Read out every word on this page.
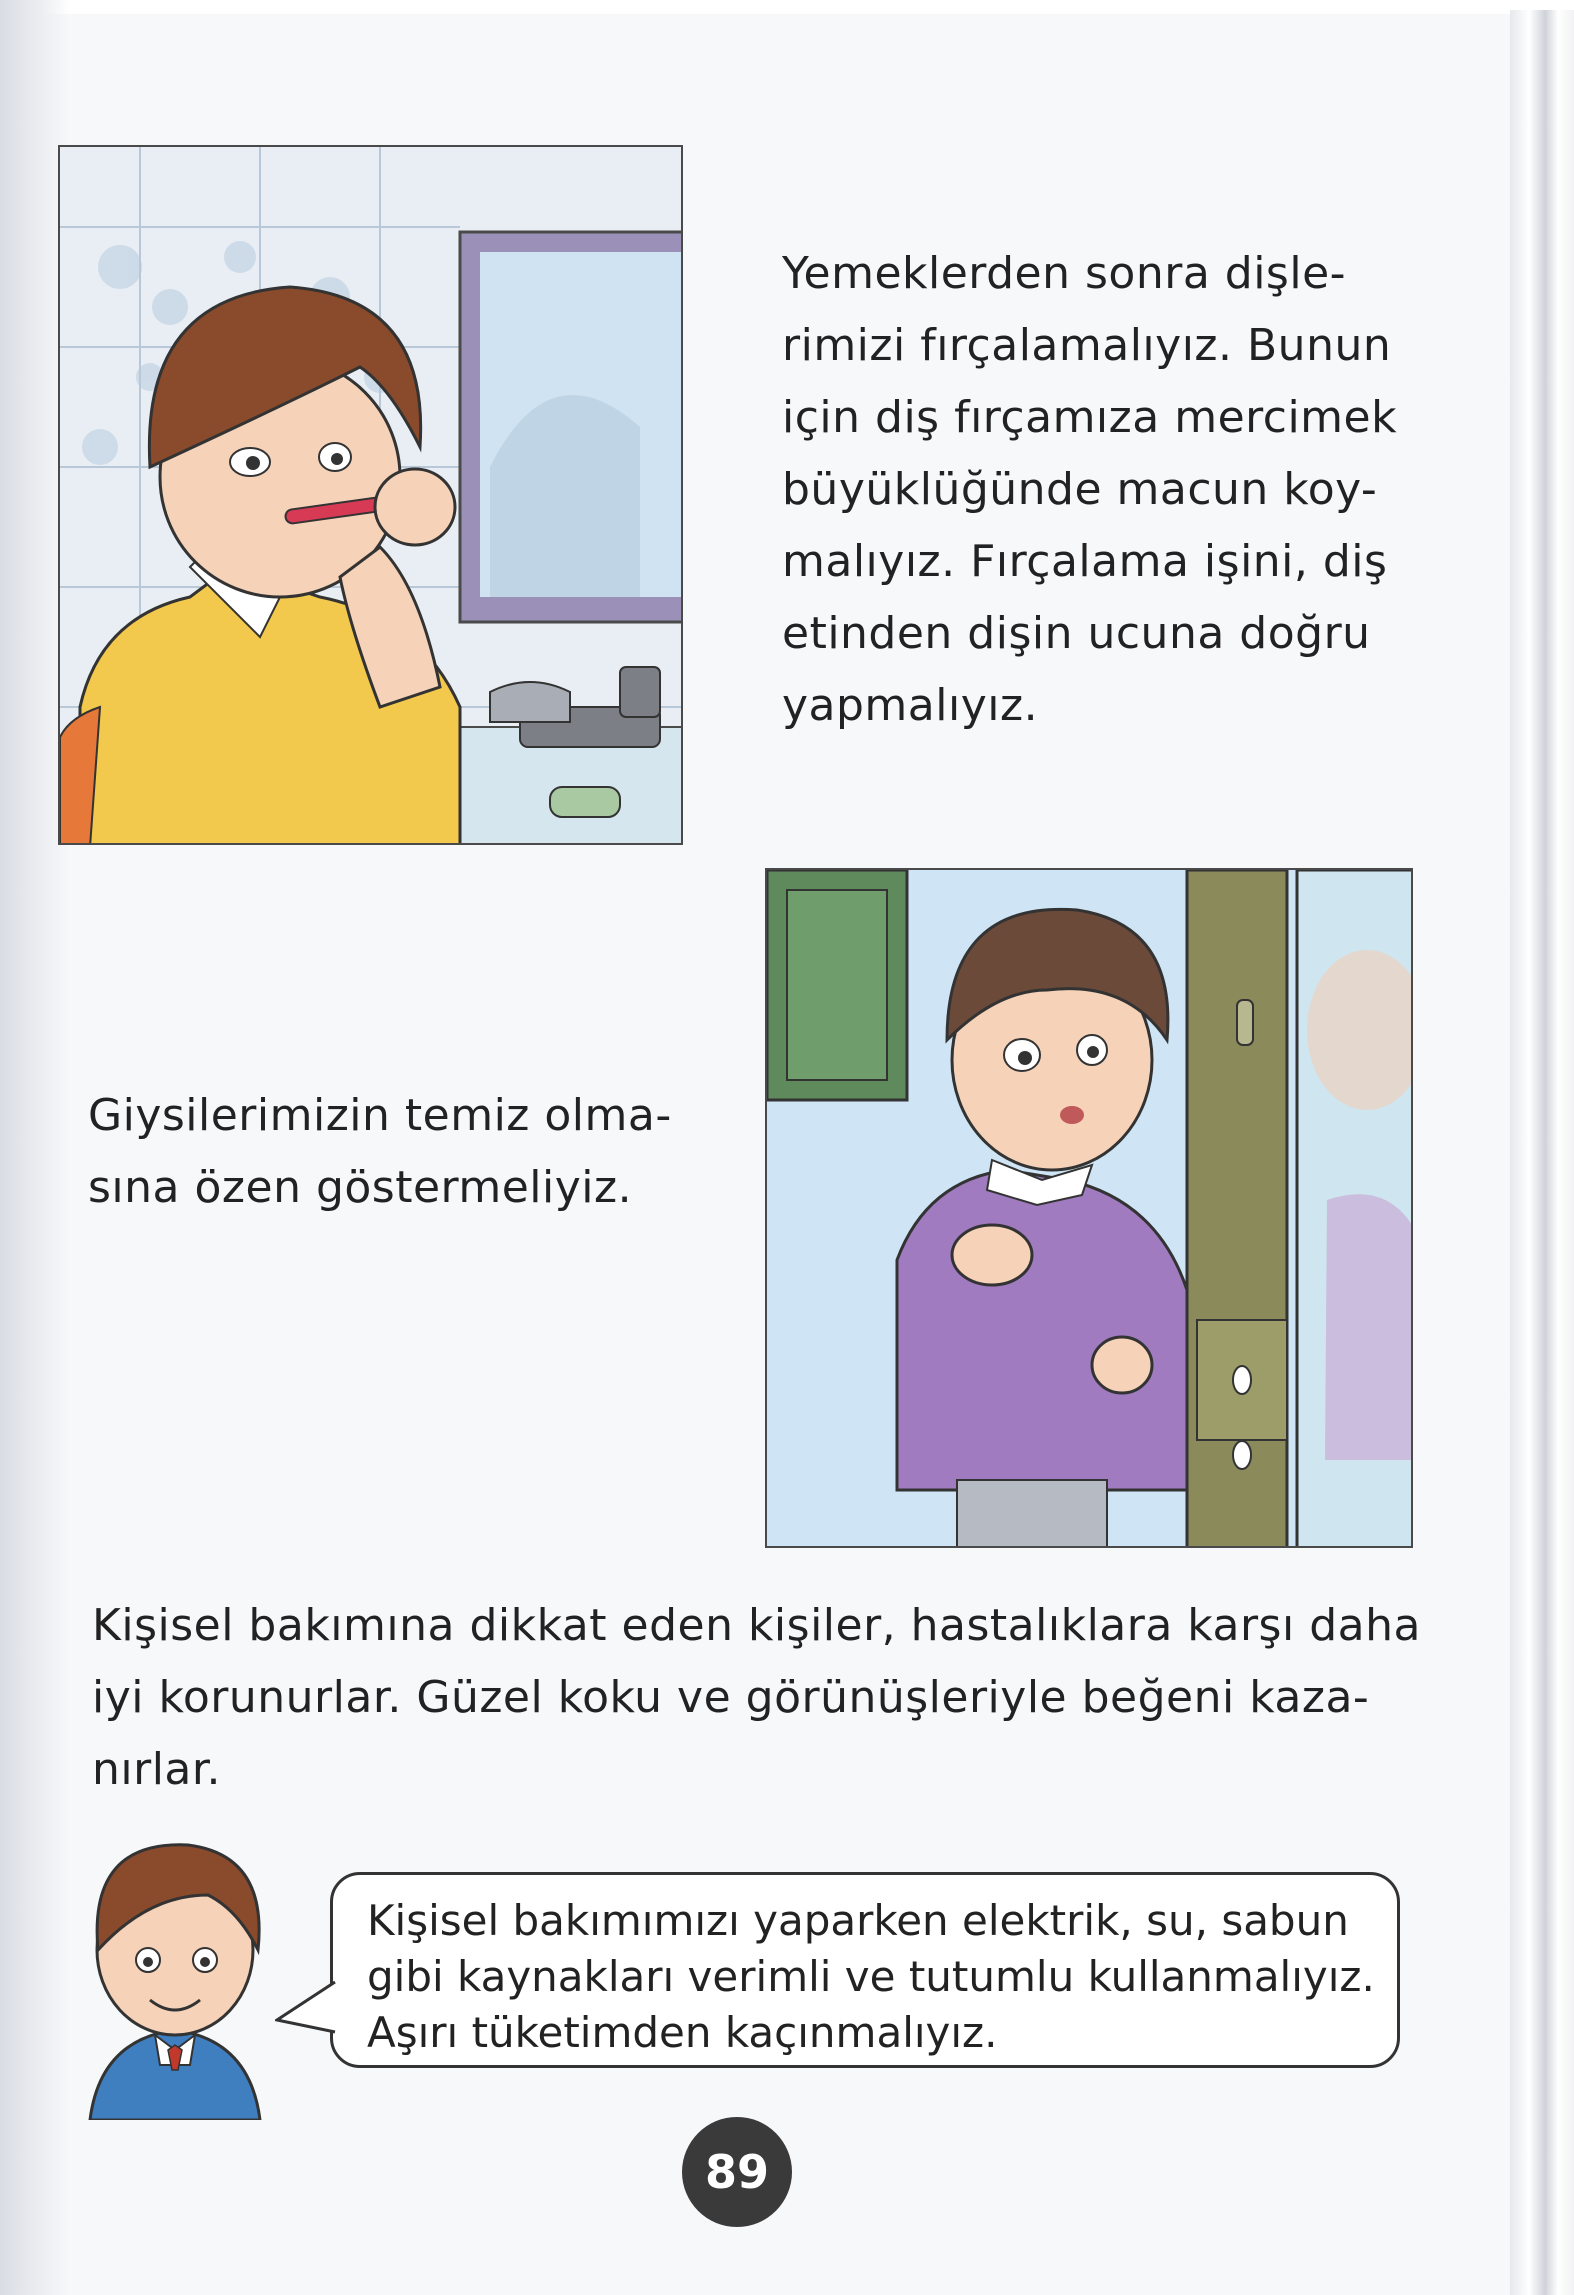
Yemeklerden sonra dişle-

rimizi fırçalamalıyız. Bunun

için diş fırçamıza mercimek

büyüklüğünde macun koy-

malıyız. Fırçalama işini, diş

etinden dişin ucuna doğru

yapmalıyız.

Giysilerimizin temiz olma-

sına özen göstermeliyiz.

Kişisel bakımına dikkat eden kişiler, hastalıklara karşı daha

iyi korunurlar. Güzel koku ve görünüşleriyle beğeni kaza-

nırlar.

Kişisel bakımımızı yaparken elektrik, su, sabun

gibi kaynakları verimli ve tutumlu kullanmalıyız.

Aşırı tüketimden kaçınmalıyız.

89
